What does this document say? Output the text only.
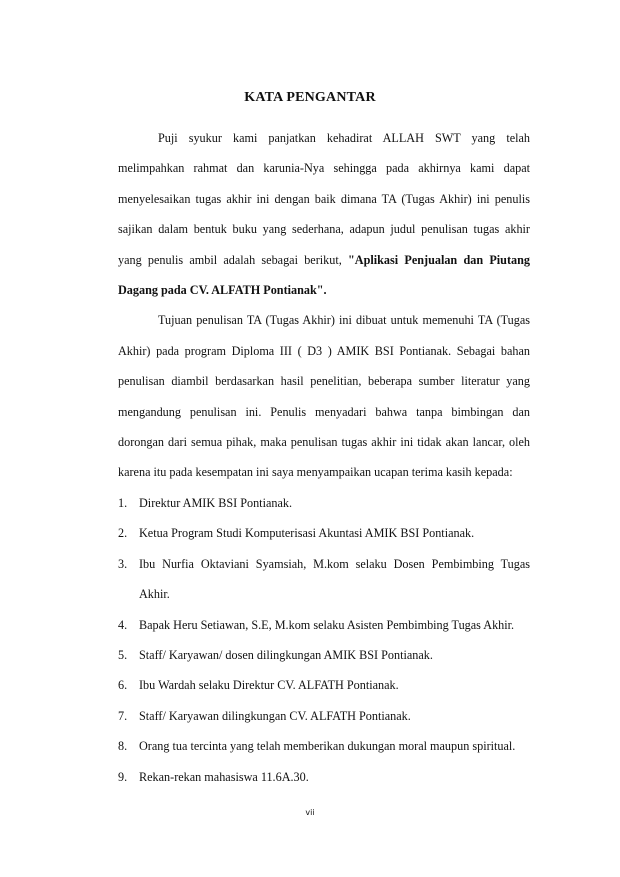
KATA PENGANTAR

Puji syukur kami panjatkan kehadirat ALLAH SWT yang telah melimpahkan rahmat dan karunia-Nya sehingga pada akhirnya kami dapat menyelesaikan tugas akhir ini dengan baik dimana TA (Tugas Akhir) ini penulis sajikan dalam bentuk buku yang sederhana, adapun judul penulisan tugas akhir yang penulis ambil adalah sebagai berikut, "Aplikasi Penjualan dan Piutang Dagang pada CV. ALFATH Pontianak".

Tujuan penulisan TA (Tugas Akhir) ini dibuat untuk memenuhi TA (Tugas Akhir) pada program Diploma III ( D3 ) AMIK BSI Pontianak. Sebagai bahan penulisan diambil berdasarkan hasil penelitian, beberapa sumber literatur yang mengandung penulisan ini. Penulis menyadari bahwa tanpa bimbingan dan dorongan dari semua pihak, maka penulisan tugas akhir ini tidak akan lancar, oleh karena itu pada kesempatan ini saya menyampaikan ucapan terima kasih kepada:

1. Direktur AMIK BSI Pontianak.
2. Ketua Program Studi Komputerisasi Akuntasi AMIK BSI Pontianak.
3. Ibu Nurfia Oktaviani Syamsiah, M.kom selaku Dosen Pembimbing Tugas Akhir.
4. Bapak Heru Setiawan, S.E, M.kom selaku Asisten Pembimbing Tugas Akhir.
5. Staff/ Karyawan/ dosen dilingkungan AMIK BSI Pontianak.
6. Ibu Wardah selaku Direktur CV. ALFATH Pontianak.
7. Staff/ Karyawan dilingkungan CV. ALFATH Pontianak.
8. Orang tua tercinta yang telah memberikan dukungan moral maupun spiritual.
9. Rekan-rekan mahasiswa 11.6A.30.
vii
